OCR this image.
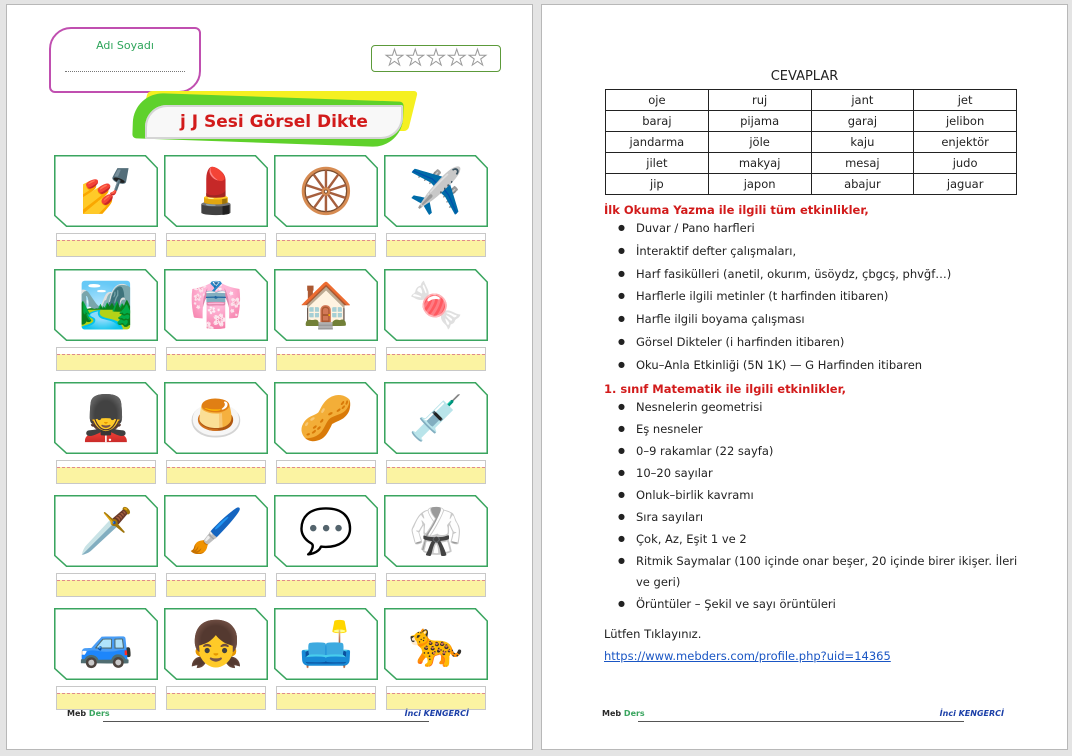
Adı Soyadı	★ ★ ★ ★ ★
j J Sesi Görsel Dikte
💅 💄 🛞 ✈️
🏞️ 👘 🏠 🍬
💂 🍮 🥜 💉
🗡️ 🖌️ 💬 🥋
🚙 👧 🛋️ 🐆
Meb Ders	İnci KENGERCİ
CEVAPLAR
oje	ruj	jant	jet
baraj	pijama	garaj	jelibon
jandarma	jöle	kaju	enjektör
jilet	makyaj	mesaj	judo
jip	japon	abajur	jaguar
İlk Okuma Yazma ile ilgili tüm etkinlikler,
● Duvar / Pano harfleri
● İnteraktif defter çalışmaları,
● Harf fasikülleri (anetil, okurım, üsöydz, çbgcş, phvğf…)
● Harflerle ilgili metinler (t harfinden itibaren)
● Harfle ilgili boyama çalışması
● Görsel Dikteler (i harfinden itibaren)
● Oku–Anla Etkinliği (5N 1K) — G Harfinden itibaren
1. sınıf Matematik ile ilgili etkinlikler,
● Nesnelerin geometrisi
● Eş nesneler
● 0–9 rakamlar (22 sayfa)
● 10–20 sayılar
● Onluk–birlik kavramı
● Sıra sayıları
● Çok, Az, Eşit 1 ve 2
● Ritmik Saymalar (100 içinde onar beşer, 20 içinde birer ikişer. İleri ve geri)
● Örüntüler – Şekil ve sayı örüntüleri
Lütfen Tıklayınız.
https://www.mebders.com/profile.php?uid=14365
Meb Ders	İnci KENGERCİ
